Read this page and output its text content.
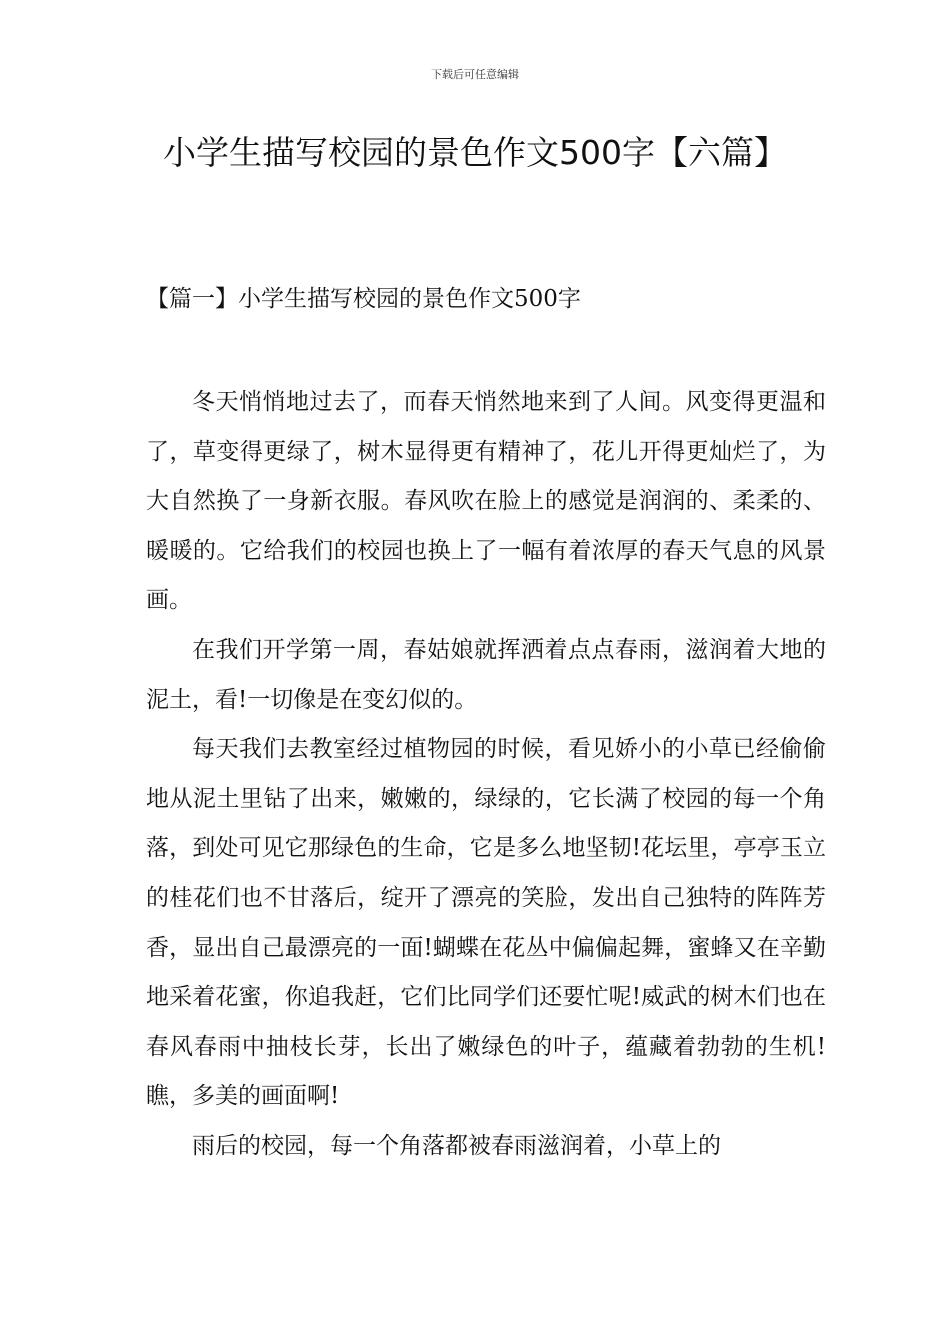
下载后可任意编辑
小学生描写校园的景色作文500字【六篇】
【篇一】小学生描写校园的景色作文500字

冬天悄悄地过去了，而春天悄然地来到了人间。风变得更温和了，草变得更绿了，树木显得更有精神了，花儿开得更灿烂了，为大自然换了一身新衣服。春风吹在脸上的感觉是润润的、柔柔的、暖暖的。它给我们的校园也换上了一幅有着浓厚的春天气息的风景画。

在我们开学第一周，春姑娘就挥洒着点点春雨，滋润着大地的泥土，看!一切像是在变幻似的。

每天我们去教室经过植物园的时候，看见娇小的小草已经偷偷地从泥土里钻了出来，嫩嫩的，绿绿的，它长满了校园的每一个角落，到处可见它那绿色的生命，它是多么地坚韧!花坛里，亭亭玉立的桂花们也不甘落后，绽开了漂亮的笑脸，发出自己独特的阵阵芳香，显出自己最漂亮的一面!蝴蝶在花丛中偏偏起舞，蜜蜂又在辛勤地采着花蜜，你追我赶，它们比同学们还要忙呢!威武的树木们也在春风春雨中抽枝长芽，长出了嫩绿色的叶子，蕴藏着勃勃的生机!瞧，多美的画面啊!

雨后的校园，每一个角落都被春雨滋润着，小草上的
